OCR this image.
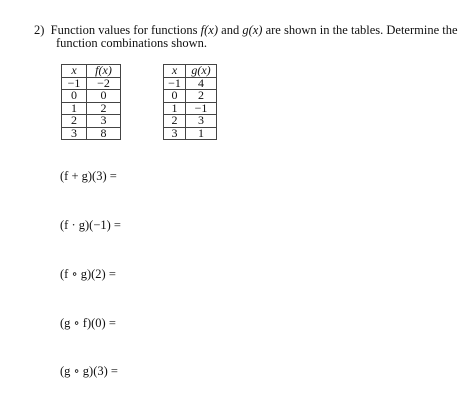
2) Function values for functions f(x) and g(x) are shown in the tables. Determine the
function combinations shown.
x	f(x)
−1	−2
0	0
1	2
2	3
3	8
x	g(x)
−1	4
0	2
1	−1
2	3
3	1
(f + g)(3) =
(f · g)(−1) =
(f ∘ g)(2) =
(g ∘ f)(0) =
(g ∘ g)(3) =
